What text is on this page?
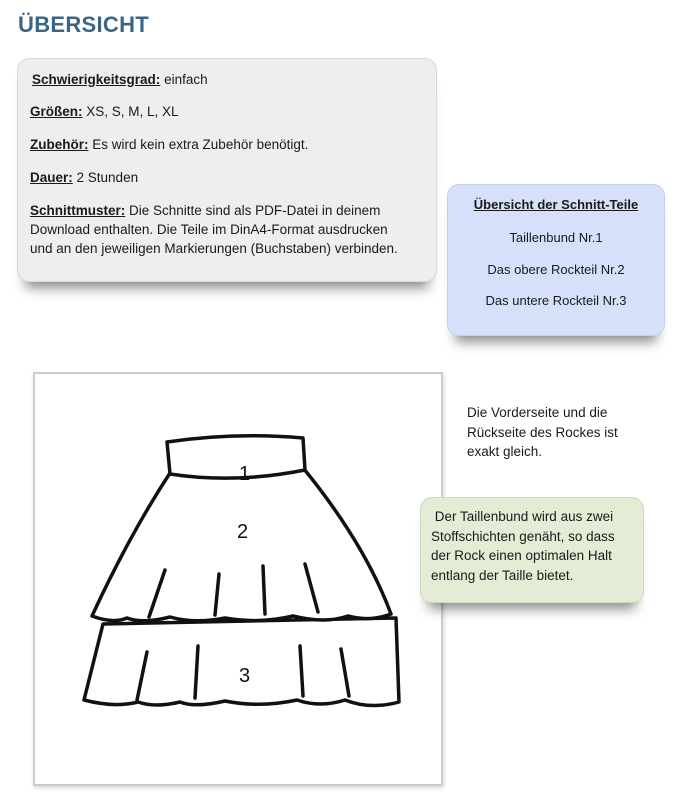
ÜBERSICHT
Schwierigkeitsgrad: einfach
Größen: XS, S, M, L, XL
Zubehör: Es wird kein extra Zubehör benötigt.
Dauer: 2 Stunden
Schnittmuster: Die Schnitte sind als PDF-Datei in deinem
Download enthalten. Die Teile im DinA4-Format ausdrucken
und an den jeweiligen Markierungen (Buchstaben) verbinden.
Übersicht der Schnitt-Teile
Taillenbund Nr.1
Das obere Rockteil Nr.2
Das untere Rockteil Nr.3
1
2
3
Die Vorderseite und die
Rückseite des Rockes ist
exakt gleich.
Der Taillenbund wird aus zwei
Stoffschichten genäht, so dass
der Rock einen optimalen Halt
entlang der Taille bietet.
